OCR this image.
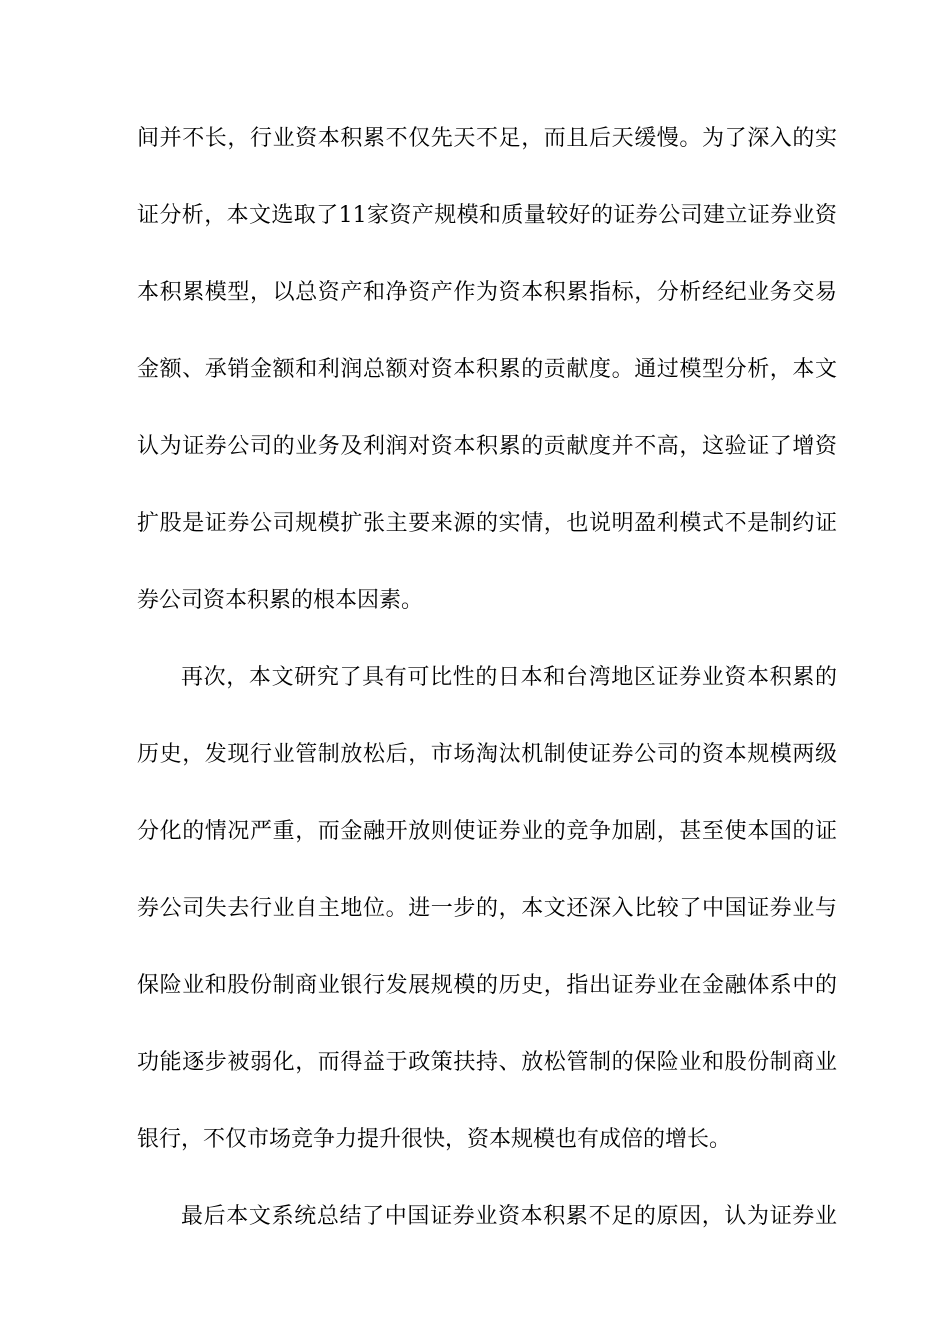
间并不长，行业资本积累不仅先天不足，而且后天缓慢。为了深入的实
证分析，本文选取了11家资产规模和质量较好的证券公司建立证券业资
本积累模型，以总资产和净资产作为资本积累指标，分析经纪业务交易
金额、承销金额和利润总额对资本积累的贡献度。通过模型分析，本文
认为证券公司的业务及利润对资本积累的贡献度并不高，这验证了增资
扩股是证券公司规模扩张主要来源的实情，也说明盈利模式不是制约证
券公司资本积累的根本因素。
再次，本文研究了具有可比性的日本和台湾地区证券业资本积累的
历史，发现行业管制放松后，市场淘汰机制使证券公司的资本规模两级
分化的情况严重，而金融开放则使证券业的竞争加剧，甚至使本国的证
券公司失去行业自主地位。进一步的，本文还深入比较了中国证券业与
保险业和股份制商业银行发展规模的历史，指出证券业在金融体系中的
功能逐步被弱化，而得益于政策扶持、放松管制的保险业和股份制商业
银行，不仅市场竞争力提升很快，资本规模也有成倍的增长。
最后本文系统总结了中国证券业资本积累不足的原因，认为证券业
